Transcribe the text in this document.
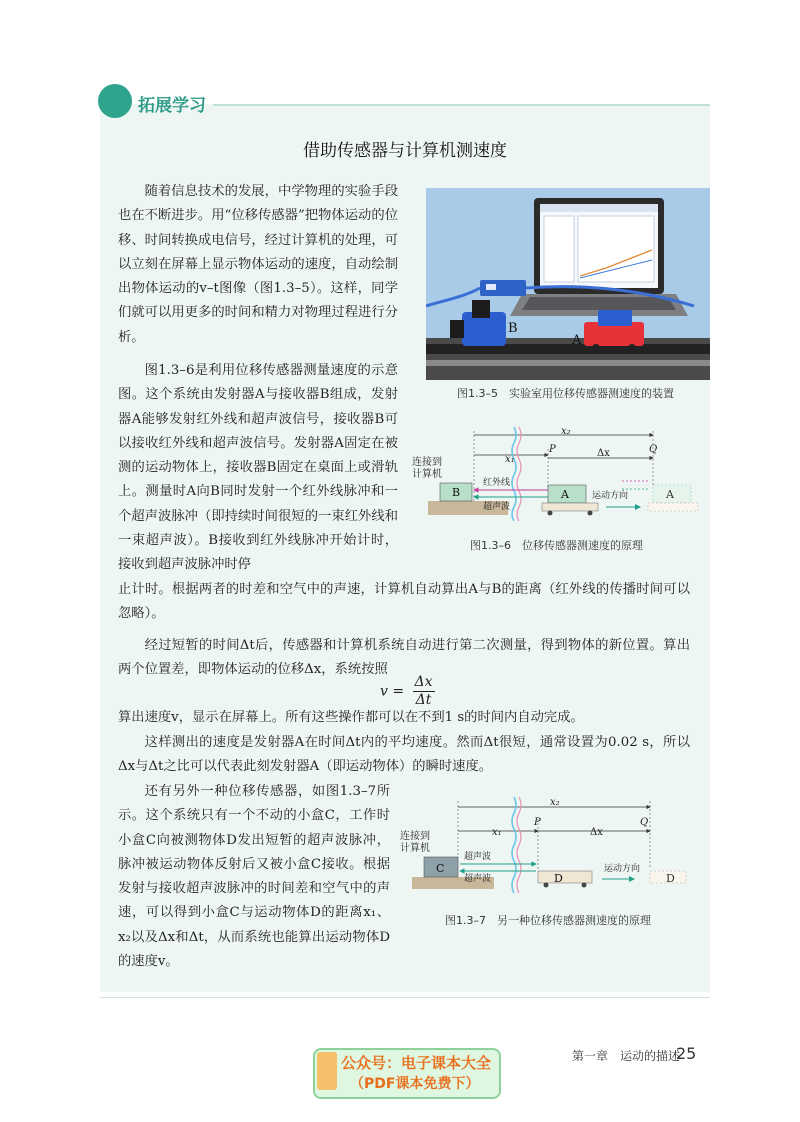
拓展学习
借助传感器与计算机测速度

随着信息技术的发展，中学物理的实验手段也在不断进步。用“位移传感器”把物体运动的位移、时间转换成电信号，经过计算机的处理，可以立刻在屏幕上显示物体运动的速度，自动绘制出物体运动的v–t图像（图1.3–5）。这样，同学们就可以用更多的时间和精力对物理过程进行分析。

图1.3–6是利用位移传感器测量速度的示意图。这个系统由发射器A与接收器B组成，发射器A能够发射红外线和超声波信号，接收器B可以接收红外线和超声波信号。发射器A固定在被测的运动物体上，接收器B固定在桌面上或滑轨上。测量时A向B同时发射一个红外线脉冲和一个超声波脉冲（即持续时间很短的一束红外线和一束超声波）。B接收到红外线脉冲开始计时，接收到超声波脉冲时停

止计时。根据两者的时差和空气中的声速，计算机自动算出A与B的距离（红外线的传播时间可以忽略）。

经过短暂的时间Δt后，传感器和计算机系统自动进行第二次测量，得到物体的新位置。算出两个位置差，即物体运动的位移Δx，系统按照

$v = \frac{\Delta x}{\Delta t}$

算出速度v，显示在屏幕上。所有这些操作都可以在不到1 s的时间内自动完成。

这样测出的速度是发射器A在时间Δt内的平均速度。然而Δt很短，通常设置为0.02 s，所以Δx与Δt之比可以代表此刻发射器A（即运动物体）的瞬时速度。

还有另外一种位移传感器，如图1.3–7所示。这个系统只有一个不动的小盒C，工作时小盒C向被测物体D发出短暂的超声波脉冲，脉冲被运动物体反射后又被小盒C接收。根据发射与接收超声波脉冲的时间差和空气中的声速，可以得到小盒C与运动物体D的距离x₁、x₂以及Δx和Δt，从而系统也能算出运动物体D的速度v。

B
A
图1.3–5　实验室用位移传感器测速度的装置
x₂
x₁
P	Q
Δx
连接到
计算机
B
红外线
超声波
A	运动方向	A
图1.3–6　位移传感器测速度的原理
x₂
x₁
P	Q
Δx
连接到
计算机
C
超声波
超声波	D
运动方向
D
图1.3–7　另一种位移传感器测速度的原理
第一章　运动的描述
25
公众号：电子课本大全
（PDF课本免费下）
